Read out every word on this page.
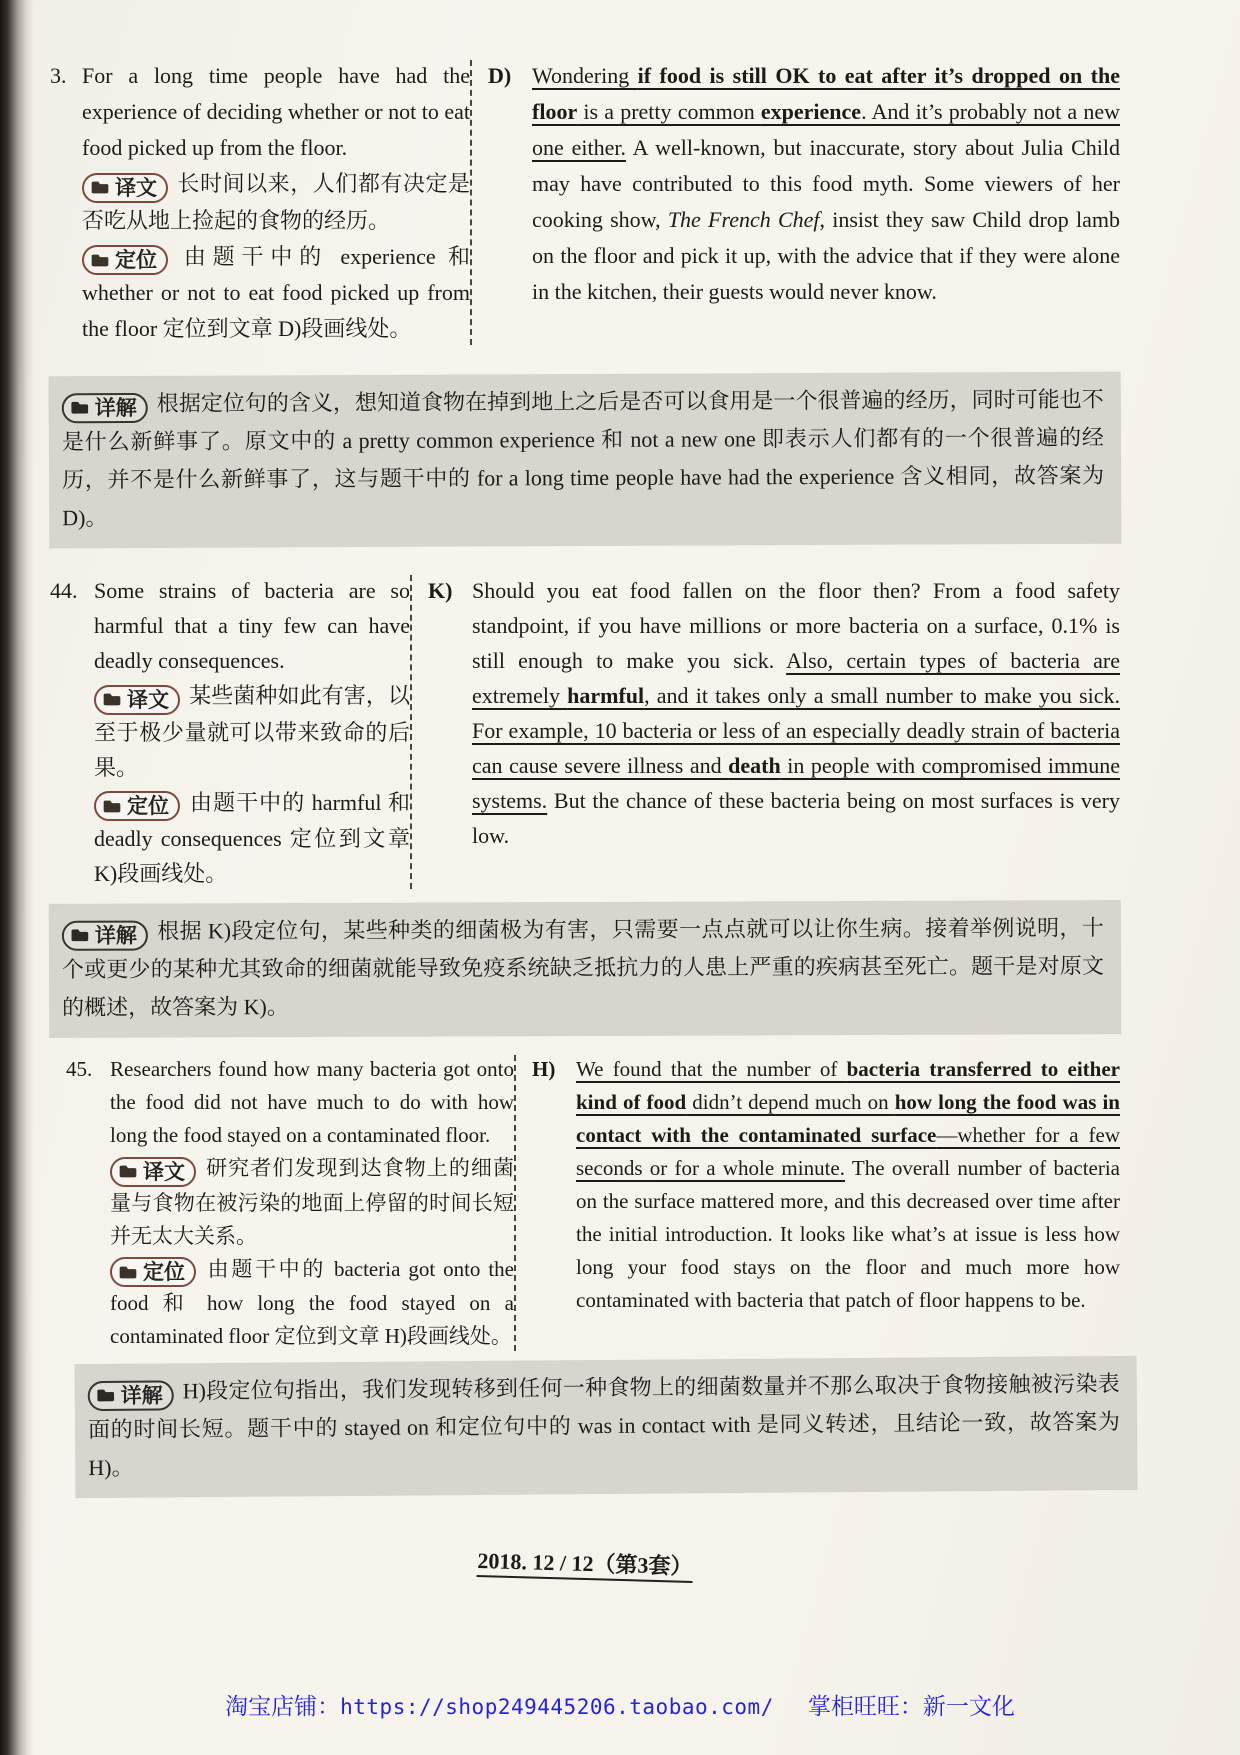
3. For a long time people have had the experience of deciding whether or not to eat food picked up from the floor.

译文 长时间以来，人们都有决定是否吃从地上捡起的食物的经历。

定位 由题干中的 experience 和 whether or not to eat food picked up from the floor 定位到文章 D)段画线处。

D) Wondering if food is still OK to eat after it’s dropped on the floor is a pretty common experience. And it’s probably not a new one either. A well-known, but inaccurate, story about Julia Child may have contributed to this food myth. Some viewers of her cooking show, The French Chef, insist they saw Child drop lamb on the floor and pick it up, with the advice that if they were alone in the kitchen, their guests would never know.
详解 根据定位句的含义，想知道食物在掉到地上之后是否可以食用是一个很普遍的经历，同时可能也不是什么新鲜事了。原文中的 a pretty common experience 和 not a new one 即表示人们都有的一个很普遍的经历，并不是什么新鲜事了，这与题干中的 for a long time people have had the experience 含义相同，故答案为D)。
44. Some strains of bacteria are so harmful that a tiny few can have deadly consequences.

译文 某些菌种如此有害，以至于极少量就可以带来致命的后果。

定位 由题干中的 harmful 和 deadly consequences 定位到文章 K)段画线处。

K) Should you eat food fallen on the floor then? From a food safety standpoint, if you have millions or more bacteria on a surface, 0.1% is still enough to make you sick. Also, certain types of bacteria are extremely harmful, and it takes only a small number to make you sick. For example, 10 bacteria or less of an especially deadly strain of bacteria can cause severe illness and death in people with compromised immune systems. But the chance of these bacteria being on most surfaces is very low.
详解 根据 K)段定位句，某些种类的细菌极为有害，只需要一点点就可以让你生病。接着举例说明，十个或更少的某种尤其致命的细菌就能导致免疫系统缺乏抵抗力的人患上严重的疾病甚至死亡。题干是对原文的概述，故答案为 K)。
45. Researchers found how many bacteria got onto the food did not have much to do with how long the food stayed on a contaminated floor.

译文 研究者们发现到达食物上的细菌量与食物在被污染的地面上停留的时间长短并无太大关系。

定位 由题干中的 bacteria got onto the food 和 how long the food stayed on a contaminated floor 定位到文章 H)段画线处。

H) We found that the number of bacteria transferred to either kind of food didn’t depend much on how long the food was in contact with the contaminated surface—whether for a few seconds or for a whole minute. The overall number of bacteria on the surface mattered more, and this decreased over time after the initial introduction. It looks like what’s at issue is less how long your food stays on the floor and much more how contaminated with bacteria that patch of floor happens to be.
详解 H)段定位句指出，我们发现转移到任何一种食物上的细菌数量并不那么取决于食物接触被污染表面的时间长短。题干中的 stayed on 和定位句中的 was in contact with 是同义转述，且结论一致，故答案为H)。
2018. 12 / 12（第3套）
淘宝店铺：https://shop249445206.taobao.com/ 掌柜旺旺：新一文化
